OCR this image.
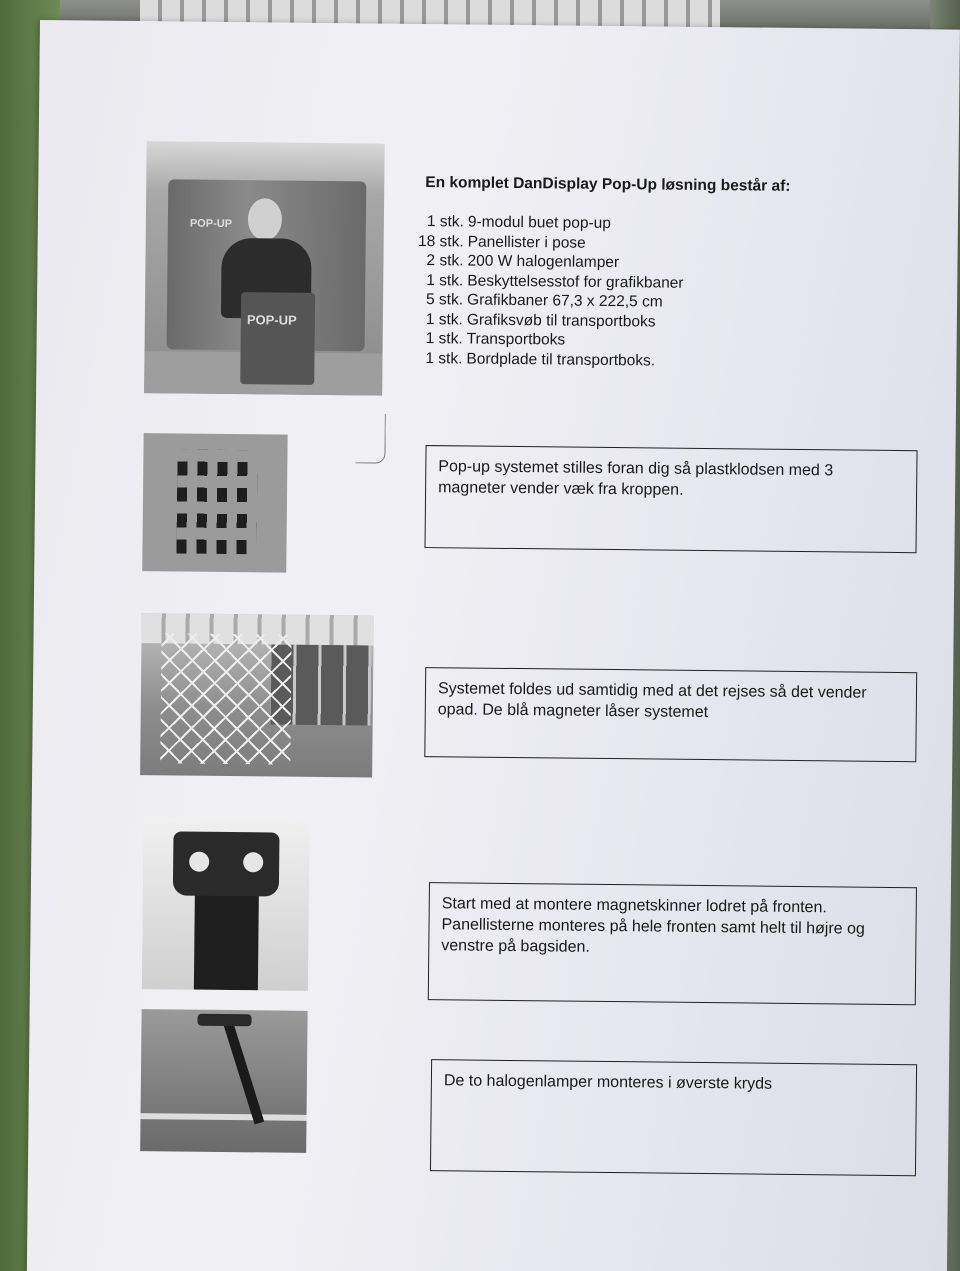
POP-UP
POP-UP
En komplet DanDisplay Pop-Up løsning består af:
1 stk. 9-modul buet pop-up
18 stk. Panellister i pose
2 stk. 200 W halogenlamper
1 stk. Beskyttelsesstof for grafikbaner
5 stk. Grafikbaner 67,3 x 222,5 cm
1 stk. Grafiksvøb til transportboks
1 stk. Transportboks
1 stk. Bordplade til transportboks.
Pop-up systemet stilles foran dig så plastklodsen med 3 magneter vender væk fra kroppen.
Systemet foldes ud samtidig med at det rejses så det vender opad. De blå magneter låser systemet
Start med at montere magnetskinner lodret på fronten. Panellisterne monteres på hele fronten samt helt til højre og venstre på bagsiden.
De to halogenlamper monteres i øverste kryds
